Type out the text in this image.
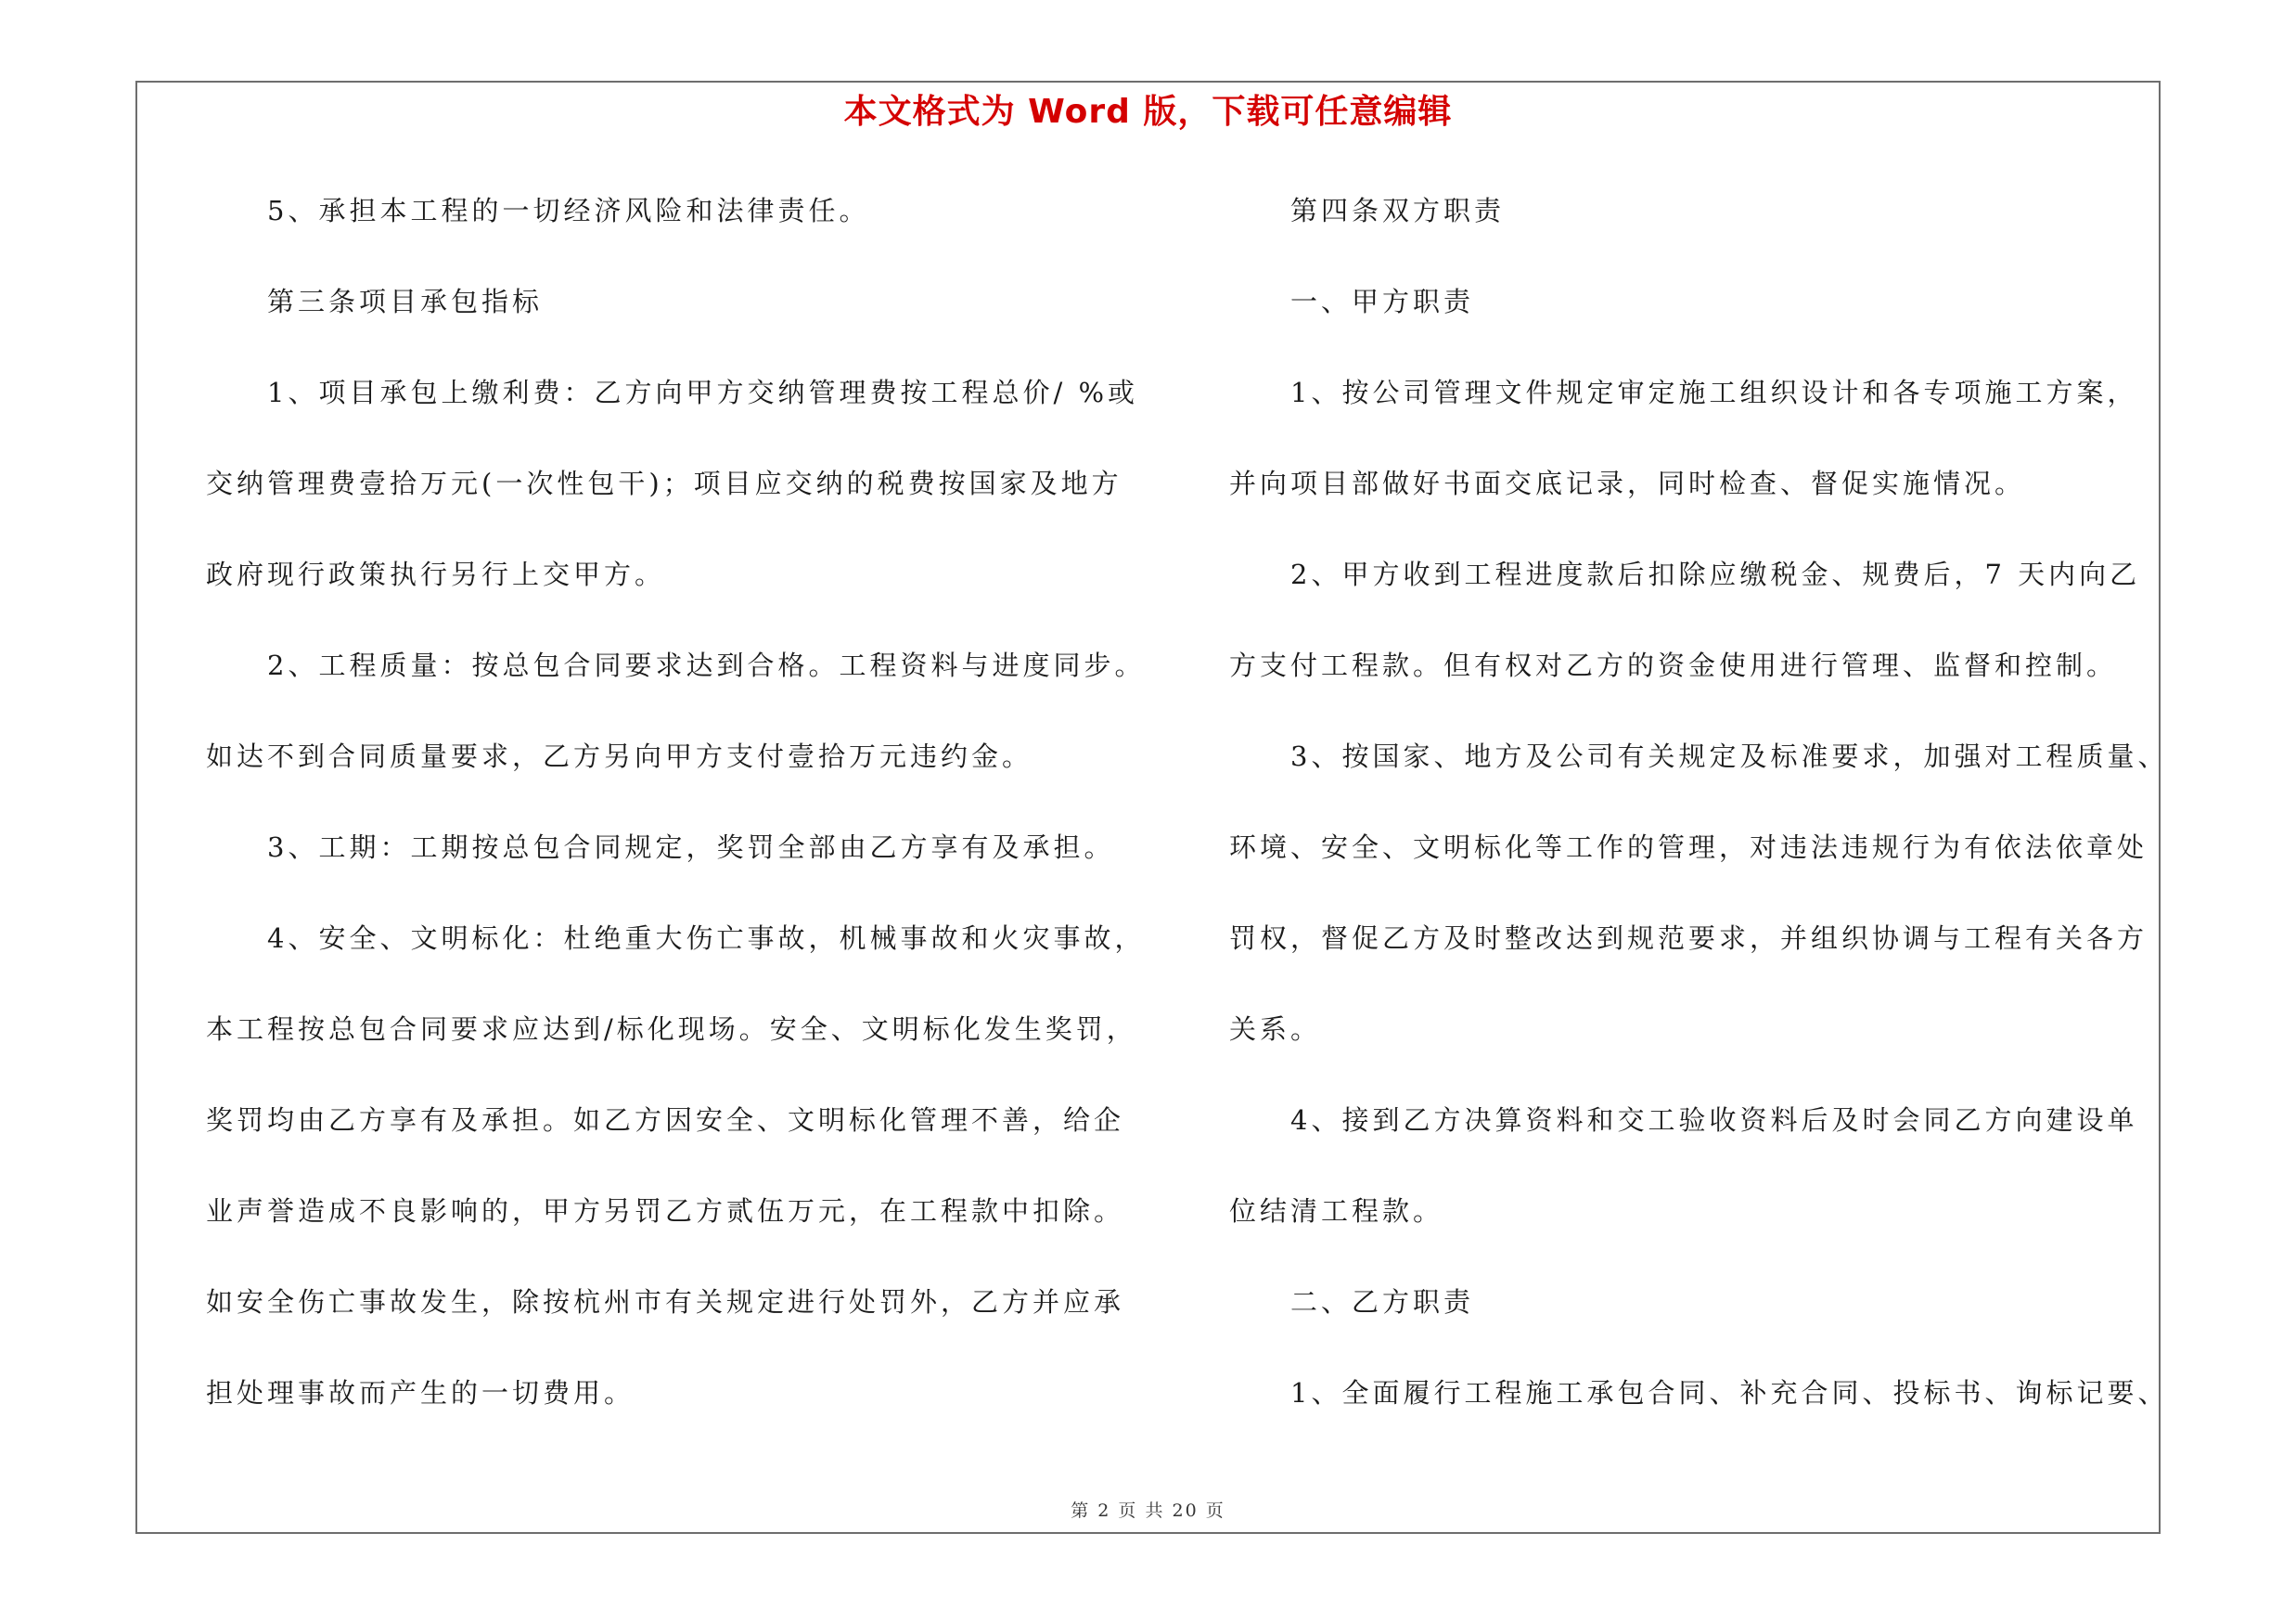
本文格式为 Word 版，下载可任意编辑
5、承担本工程的一切经济风险和法律责任。
第三条项目承包指标
1、项目承包上缴利费：乙方向甲方交纳管理费按工程总价/ %或
交纳管理费壹拾万元(一次性包干)；项目应交纳的税费按国家及地方
政府现行政策执行另行上交甲方。
2、工程质量：按总包合同要求达到合格。工程资料与进度同步。
如达不到合同质量要求，乙方另向甲方支付壹拾万元违约金。
3、工期：工期按总包合同规定，奖罚全部由乙方享有及承担。
4、安全、文明标化：杜绝重大伤亡事故，机械事故和火灾事故，
本工程按总包合同要求应达到/标化现场。安全、文明标化发生奖罚，
奖罚均由乙方享有及承担。如乙方因安全、文明标化管理不善，给企
业声誉造成不良影响的，甲方另罚乙方贰伍万元，在工程款中扣除。
如安全伤亡事故发生，除按杭州市有关规定进行处罚外，乙方并应承
担处理事故而产生的一切费用。
第四条双方职责
一、甲方职责
1、按公司管理文件规定审定施工组织设计和各专项施工方案，
并向项目部做好书面交底记录，同时检查、督促实施情况。
2、甲方收到工程进度款后扣除应缴税金、规费后，7 天内向乙
方支付工程款。但有权对乙方的资金使用进行管理、监督和控制。
3、按国家、地方及公司有关规定及标准要求，加强对工程质量、
环境、安全、文明标化等工作的管理，对违法违规行为有依法依章处
罚权，督促乙方及时整改达到规范要求，并组织协调与工程有关各方
关系。
4、接到乙方决算资料和交工验收资料后及时会同乙方向建设单
位结清工程款。
二、乙方职责
1、全面履行工程施工承包合同、补充合同、投标书、询标记要、
第 2 页 共 20 页
